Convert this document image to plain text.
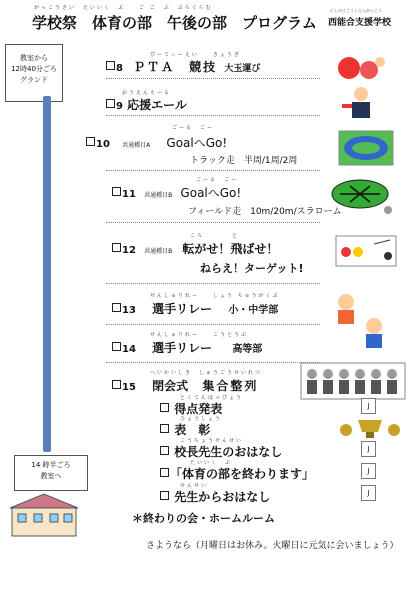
がっこうさい　たいいく　ぶ　　ご ご　ぶ　ぷろぐらむ
学校祭　体育の部　午後の部　プログラム
にしのうごうしえんがっこう
西能合支援学校
教室から
12時40分ごろ
グランド
14 時半ごろ
教室へ
ぴーてぃーえい　　きょうぎ
8 ＰＴＡ　競技 大玉運び
おうえんえーる
9 応援エール
ごーる　ごー
10 共通種目A GoalへGo!
トラック走　半周/1周/2周
ごーる　ごー
11 共通種目B GoalへGo!
フィールド走　10m/20m/スラローム
ころ　　　　と
12 共通種目B 転がせ！飛ばせ！
ねらえ！ターゲット!
せんしゅりれー　　しょう ちゅうがくぶ
13 選手リレー 小・中学部
せんしゅりれー　　こうとうぶ
14 選手リレー 高等部
へいかいしき　しゅうごうせいれつ
15 閉会式 集合整列
とくてんはっぴょう
得点発表
ひょうしょう
表　彰
こうちょうせんせい
校長先生のおはなし
たいいく　ぶ
「体育の部を終わります」
せんせい
先生からおはなし
J
J
J
J
＊終わりの会・ホームルーム
さようなら（月曜日はお休み。火曜日に元気に会いましょう）
